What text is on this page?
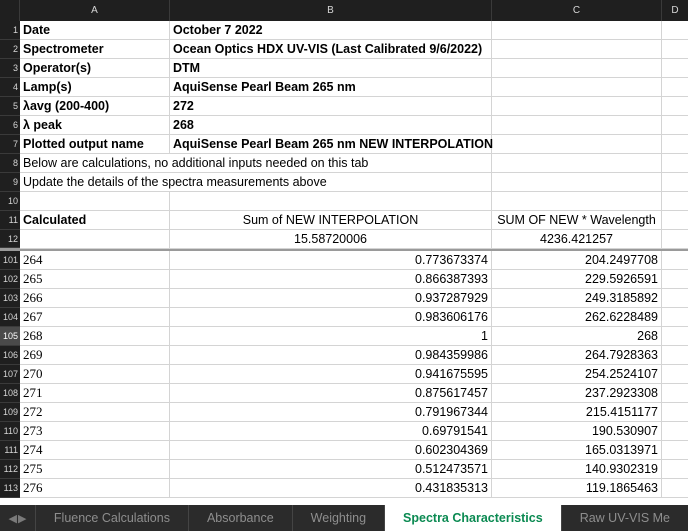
A	B	C	D
1 Date	October 7 2022
2 Spectrometer	Ocean Optics HDX UV-VIS (Last Calibrated 9/6/2022)
3 Operator(s)	DTM
4 Lamp(s)	AquiSense Pearl Beam 265 nm
5 λavg (200-400)	272
6 λ peak	268
7 Plotted output name	AquiSense Pearl Beam 265 nm NEW INTERPOLATION
8 Below are calculations, no additional inputs needed on this tab
9 Update the details of the spectra measurements above
10
11 Calculated	Sum of NEW INTERPOLATION	SUM OF NEW * Wavelength
12	15.58720006	4236.421257
101 264	0.773673374	204.2497708
102 265	0.866387393	229.5926591
103 266	0.937287929	249.3185892
104 267	0.983606176	262.6228489
105 268	1	268
106 269	0.984359986	264.7928363
107 270	0.941675595	254.2524107
108 271	0.875617457	237.2923308
109 272	0.791967344	215.4151177
110 273	0.69791541	190.530907
111 274	0.602304369	165.0313971
112 275	0.512473571	140.9302319
113 276	0.431835313	119.1865463
◀ ▶	Fluence Calculations	Absorbance	Weighting	Spectra Characteristics	Raw UV-VIS Me
